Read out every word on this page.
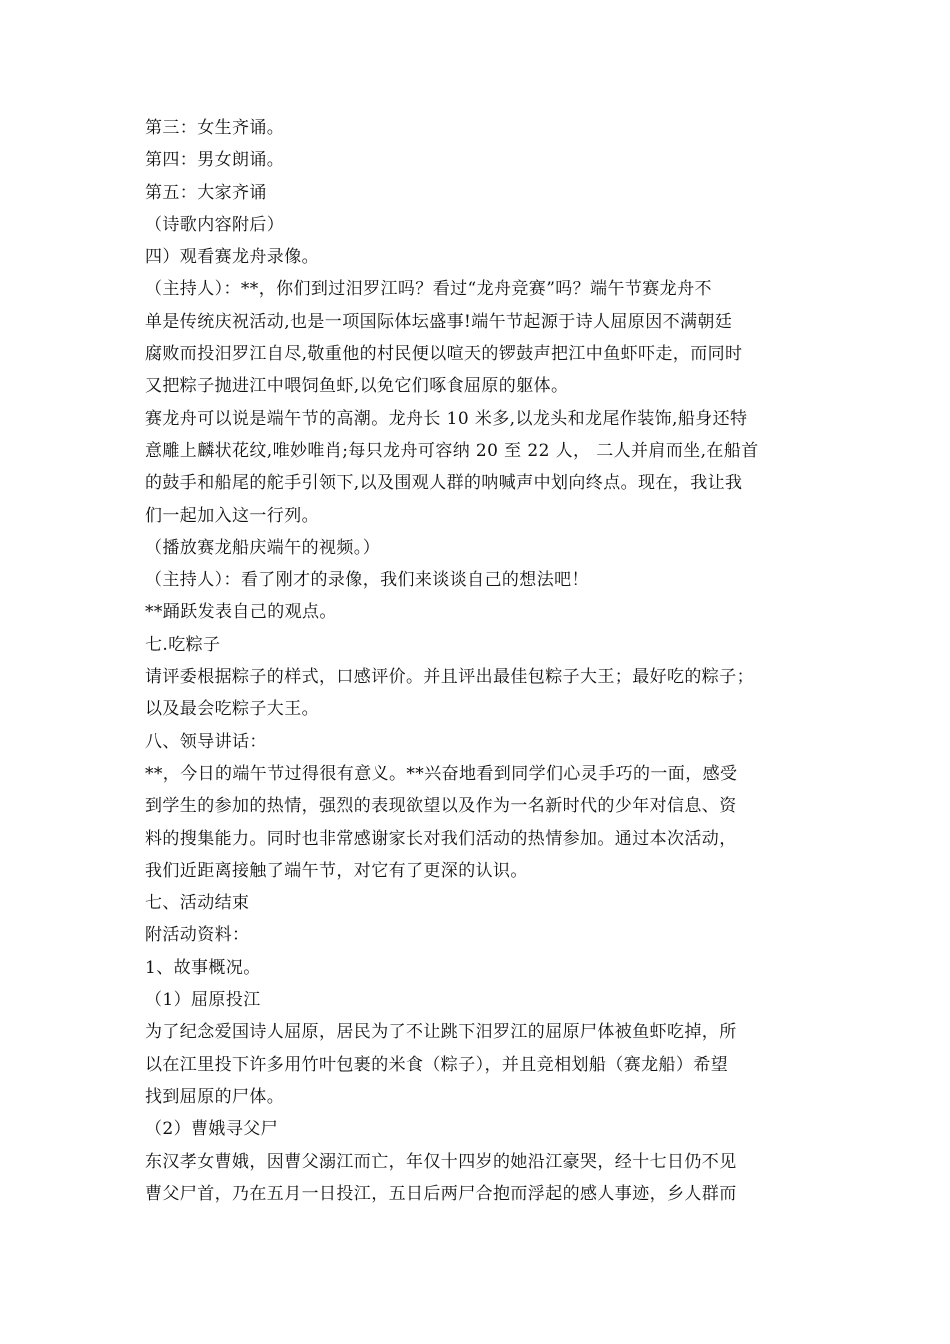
第三：女生齐诵。

第四：男女朗诵。

第五：大家齐诵

（诗歌内容附后）

四）观看赛龙舟录像。

（主持人）：**，你们到过汨罗江吗？看过“龙舟竞赛”吗？端午节赛龙舟不

单是传统庆祝活动,也是一项国际体坛盛事!端午节起源于诗人屈原因不满朝廷

腐败而投汨罗江自尽,敬重他的村民便以喧天的锣鼓声把江中鱼虾吓走，而同时

又把粽子抛进江中喂饲鱼虾,以免它们啄食屈原的躯体。

赛龙舟可以说是端午节的高潮。龙舟长 10 米多,以龙头和龙尾作装饰,船身还特

意雕上麟状花纹,唯妙唯肖;每只龙舟可容纳 20 至 22 人， 二人并肩而坐,在船首

的鼓手和船尾的舵手引领下,以及围观人群的呐喊声中划向终点。现在，我让我

们一起加入这一行列。

（播放赛龙船庆端午的视频。）

（主持人）：看了刚才的录像，我们来谈谈自己的想法吧！

**踊跃发表自己的观点。

七.吃粽子

请评委根据粽子的样式，口感评价。并且评出最佳包粽子大王；最好吃的粽子；

以及最会吃粽子大王。

八、领导讲话：

**，今日的端午节过得很有意义。**兴奋地看到同学们心灵手巧的一面，感受

到学生的参加的热情，强烈的表现欲望以及作为一名新时代的少年对信息、资

料的搜集能力。同时也非常感谢家长对我们活动的热情参加。通过本次活动，

我们近距离接触了端午节，对它有了更深的认识。

七、活动结束

附活动资料：

1、故事概况。

（1）屈原投江

为了纪念爱国诗人屈原，居民为了不让跳下汨罗江的屈原尸体被鱼虾吃掉，所

以在江里投下许多用竹叶包裹的米食（粽子），并且竞相划船（赛龙船）希望

找到屈原的尸体。

（2）曹娥寻父尸

东汉孝女曹娥，因曹父溺江而亡，年仅十四岁的她沿江豪哭，经十七日仍不见

曹父尸首，乃在五月一日投江，五日后两尸合抱而浮起的感人事迹，乡人群而
